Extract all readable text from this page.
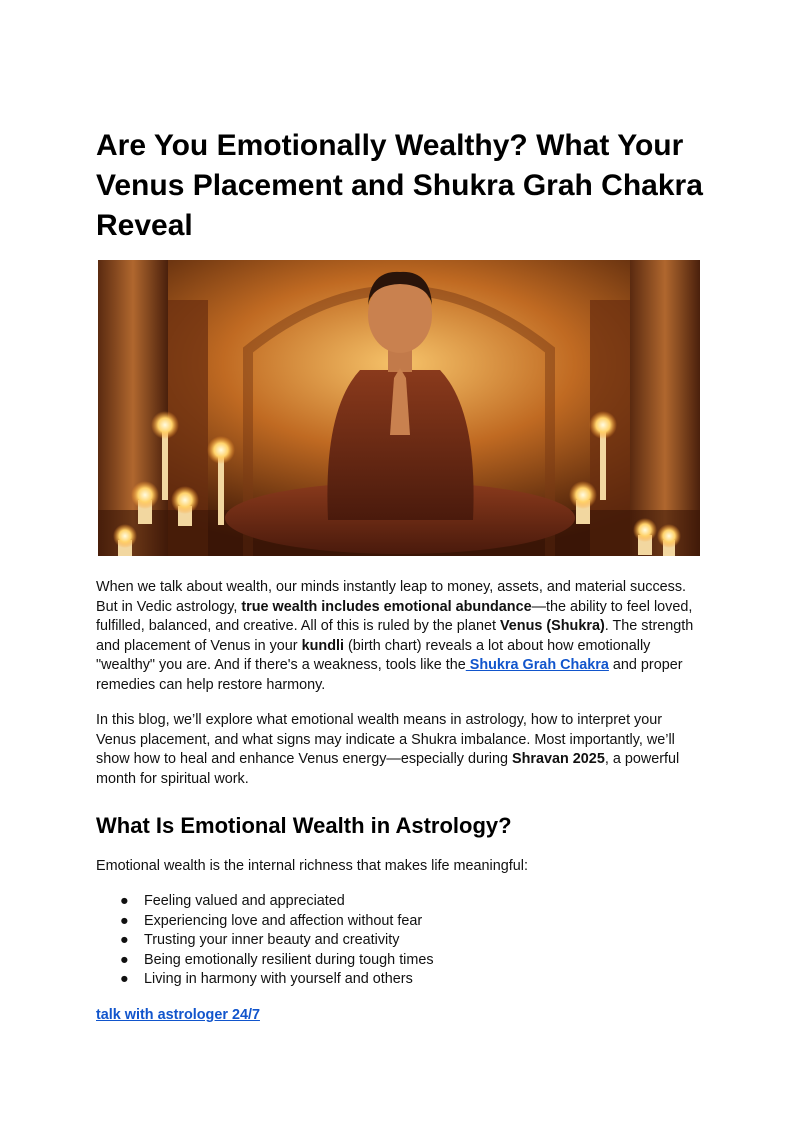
Are You Emotionally Wealthy? What Your Venus Placement and Shukra Grah Chakra Reveal

When we talk about wealth, our minds instantly leap to money, assets, and material success. But in Vedic astrology, true wealth includes emotional abundance—the ability to feel loved, fulfilled, balanced, and creative. All of this is ruled by the planet Venus (Shukra). The strength and placement of Venus in your kundli (birth chart) reveals a lot about how emotionally "wealthy" you are. And if there's a weakness, tools like the Shukra Grah Chakra and proper remedies can help restore harmony.

In this blog, we’ll explore what emotional wealth means in astrology, how to interpret your Venus placement, and what signs may indicate a Shukra imbalance. Most importantly, we’ll show how to heal and enhance Venus energy—especially during Shravan 2025, a powerful month for spiritual work.

What Is Emotional Wealth in Astrology?

Emotional wealth is the internal richness that makes life meaningful:

● Feeling valued and appreciated
● Experiencing love and affection without fear
● Trusting your inner beauty and creativity
● Being emotionally resilient during tough times
● Living in harmony with yourself and others
talk with astrologer 24/7
